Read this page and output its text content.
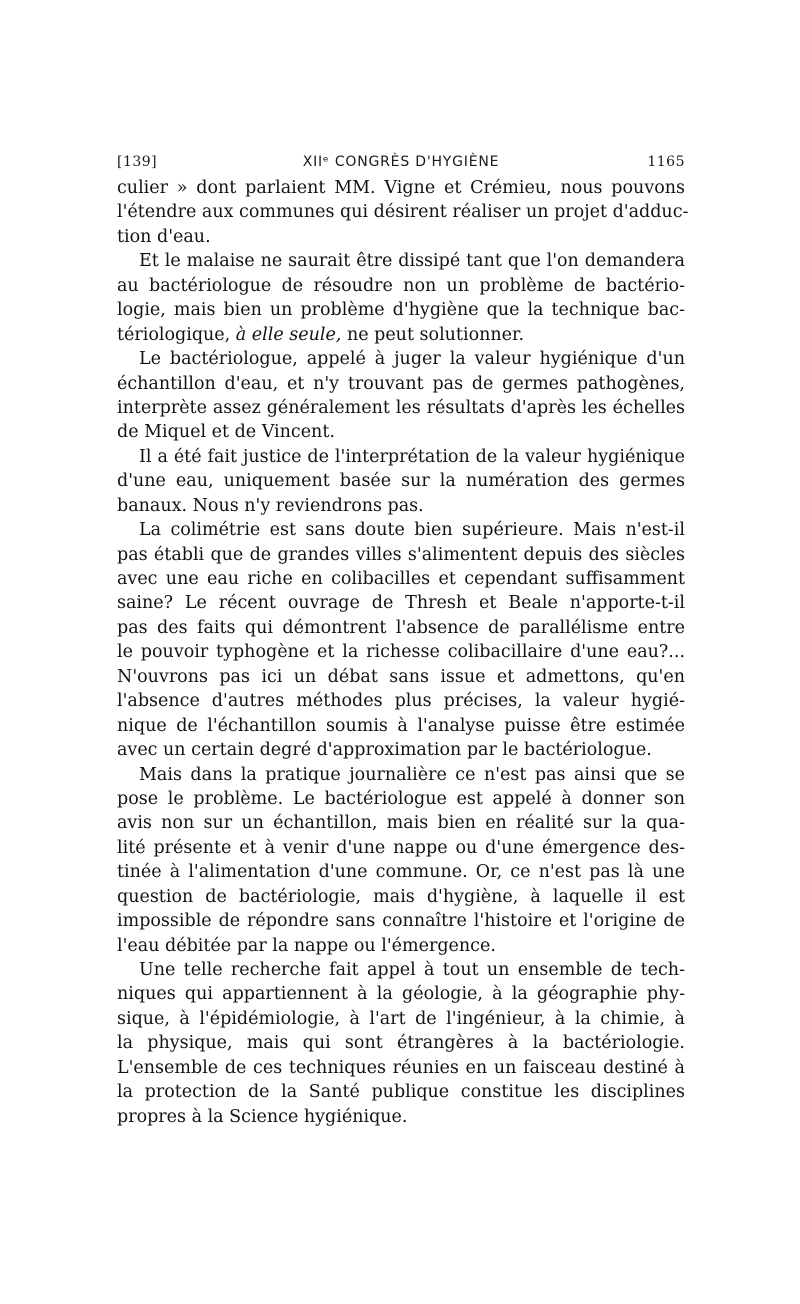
[139]	XIIᵉ CONGRÈS D'HYGIÈNE	1165
culier » dont parlaient MM. Vigne et Crémieu, nous pouvons
l'étendre aux communes qui désirent réaliser un projet d'adduc-
tion d'eau.
Et le malaise ne saurait être dissipé tant que l'on demandera
au bactériologue de résoudre non un problème de bactério-
logie, mais bien un problème d'hygiène que la technique bac-
tériologique, à elle seule, ne peut solutionner.
Le bactériologue, appelé à juger la valeur hygiénique d'un
échantillon d'eau, et n'y trouvant pas de germes pathogènes,
interprète assez généralement les résultats d'après les échelles
de Miquel et de Vincent.
Il a été fait justice de l'interprétation de la valeur hygiénique
d'une eau, uniquement basée sur la numération des germes
banaux. Nous n'y reviendrons pas.
La colimétrie est sans doute bien supérieure. Mais n'est-il
pas établi que de grandes villes s'alimentent depuis des siècles
avec une eau riche en colibacilles et cependant suffisamment
saine? Le récent ouvrage de Thresh et Beale n'apporte-t-il
pas des faits qui démontrent l'absence de parallélisme entre
le pouvoir typhogène et la richesse colibacillaire d'une eau?...
N'ouvrons pas ici un débat sans issue et admettons, qu'en
l'absence d'autres méthodes plus précises, la valeur hygié-
nique de l'échantillon soumis à l'analyse puisse être estimée
avec un certain degré d'approximation par le bactériologue.
Mais dans la pratique journalière ce n'est pas ainsi que se
pose le problème. Le bactériologue est appelé à donner son
avis non sur un échantillon, mais bien en réalité sur la qua-
lité présente et à venir d'une nappe ou d'une émergence des-
tinée à l'alimentation d'une commune. Or, ce n'est pas là une
question de bactériologie, mais d'hygiène, à laquelle il est
impossible de répondre sans connaître l'histoire et l'origine de
l'eau débitée par la nappe ou l'émergence.
Une telle recherche fait appel à tout un ensemble de tech-
niques qui appartiennent à la géologie, à la géographie phy-
sique, à l'épidémiologie, à l'art de l'ingénieur, à la chimie, à
la physique, mais qui sont étrangères à la bactériologie.
L'ensemble de ces techniques réunies en un faisceau destiné à
la protection de la Santé publique constitue les disciplines
propres à la Science hygiénique.
